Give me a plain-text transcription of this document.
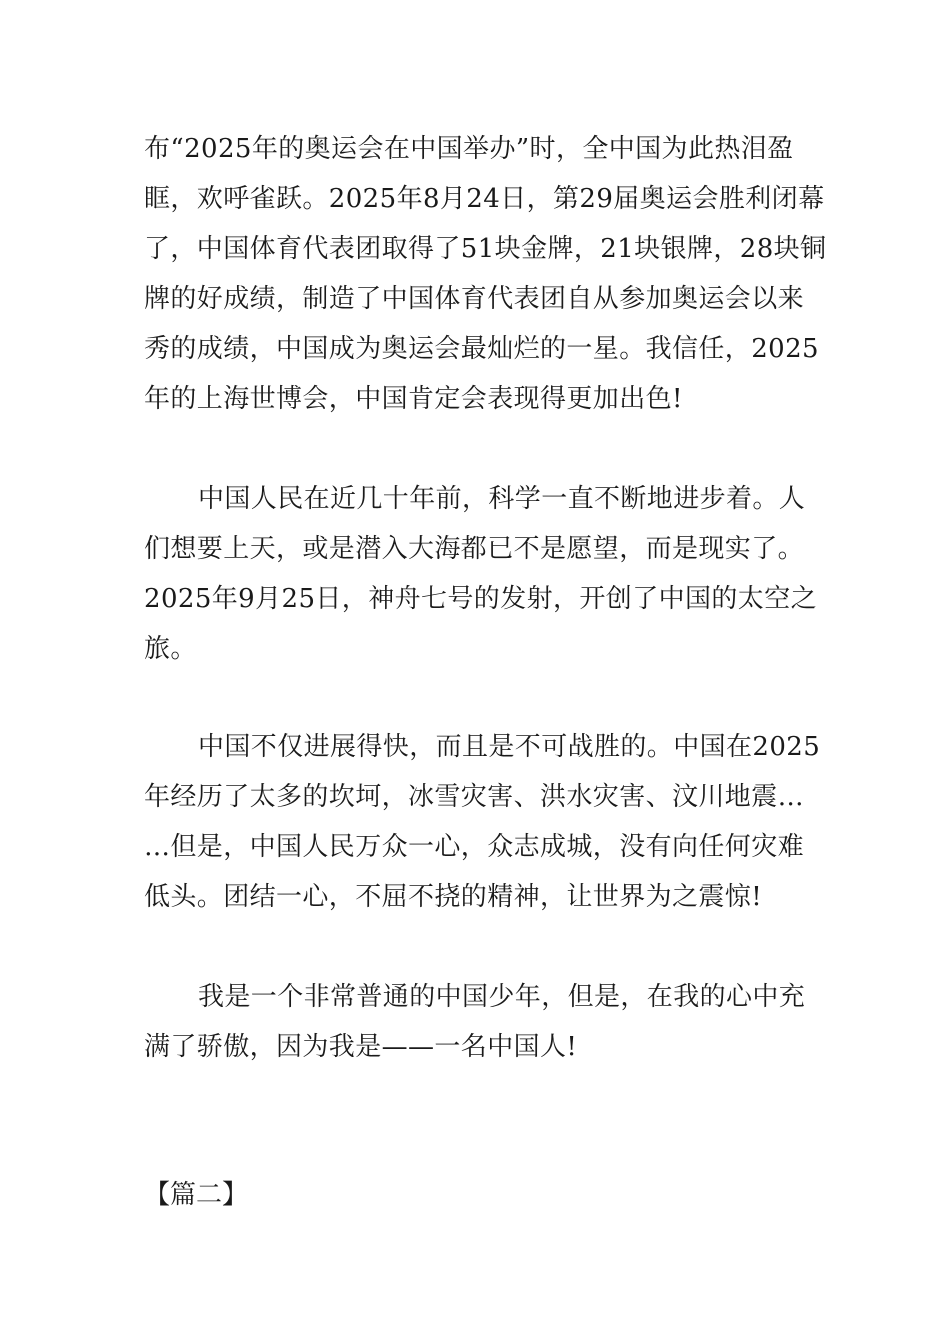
布“2025年的奥运会在中国举办”时，全中国为此热泪盈
眶，欢呼雀跃。2025年8月24日，第29届奥运会胜利闭幕
了，中国体育代表团取得了51块金牌，21块银牌，28块铜
牌的好成绩，制造了中国体育代表团自从参加奥运会以来
秀的成绩，中国成为奥运会最灿烂的一星。我信任，2025
年的上海世博会，中国肯定会表现得更加出色!

中国人民在近几十年前，科学一直不断地进步着。人
们想要上天，或是潜入大海都已不是愿望，而是现实了。
2025年9月25日，神舟七号的发射，开创了中国的太空之
旅。

中国不仅进展得快，而且是不可战胜的。中国在2025
年经历了太多的坎坷，冰雪灾害、洪水灾害、汶川地震…
…但是，中国人民万众一心，众志成城，没有向任何灾难
低头。团结一心，不屈不挠的精神，让世界为之震惊!

我是一个非常普通的中国少年，但是，在我的心中充
满了骄傲，因为我是——一名中国人!

【篇二】
